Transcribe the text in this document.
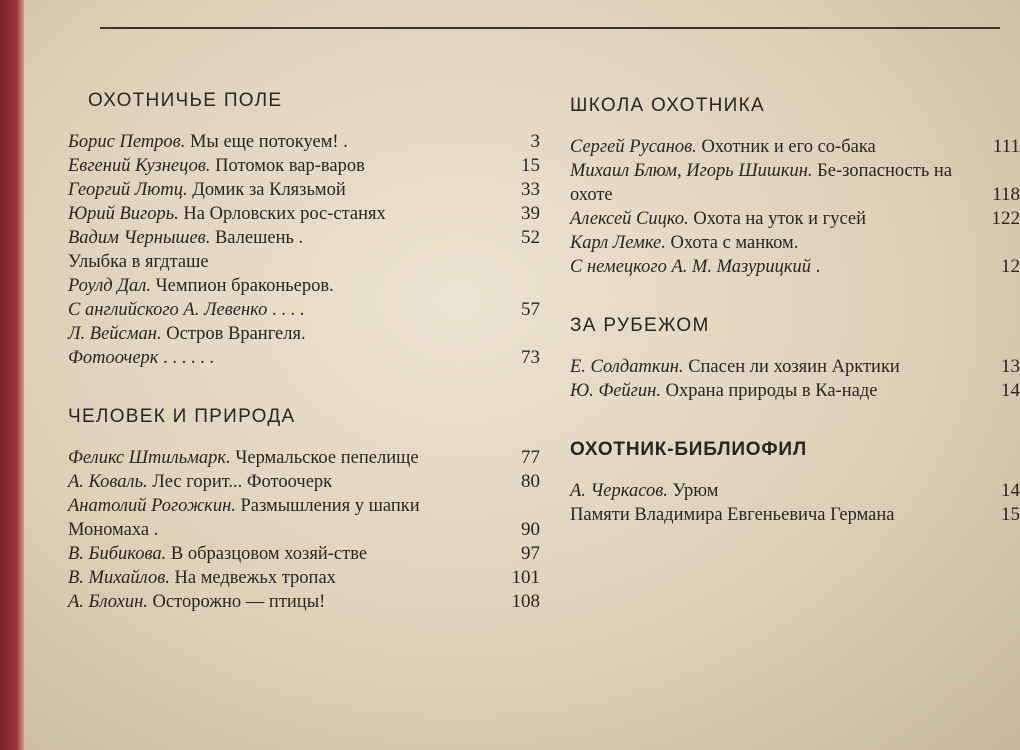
ОХОТНИЧЬЕ ПОЛЕ
Борис Петров. Мы еще потокуем! .	3
Евгений Кузнецов. Потомок вар-варов	15
Георгий Лютц. Домик за Клязьмой	33
Юрий Вигорь. На Орловских рос-станях	39
Вадим Чернышев. Валешень .	52
Улыбка в ягдташе
Роулд Дал. Чемпион браконьеров.
С английского А. Левенко . . . .	57
Л. Вейсман. Остров Врангеля.
Фотоочерк . . . . . .	73
ЧЕЛОВЕК И ПРИРОДА
Феликс Штильмарк. Чермальское пепелище	77
А. Коваль. Лес горит... Фотоочерк	80
Анатолий Рогожкин. Размышления у шапки Мономаха .	90
В. Бибикова. В образцовом хозяй-стве	97
В. Михайлов. На медвежьх тропах	101
А. Блохин. Осторожно — птицы!	108
ШКОЛА ОХОТНИКА
Сергей Русанов. Охотник и его со-бака	111
Михаил Блюм, Игорь Шишкин. Бе-зопасность на охоте	118
Алексей Сицко. Охота на уток и гусей	122
Карл Лемке. Охота с манком.
С немецкого А. М. Мазурицкий .	12
ЗА РУБЕЖОМ
Е. Солдаткин. Спасен ли хозяин Арктики	13
Ю. Фейгин. Охрана природы в Ка-наде	14
ОХОТНИК-БИБЛИОФИЛ
А. Черкасов. Урюм	14
Памяти Владимира Евгеньевича Германа	15
